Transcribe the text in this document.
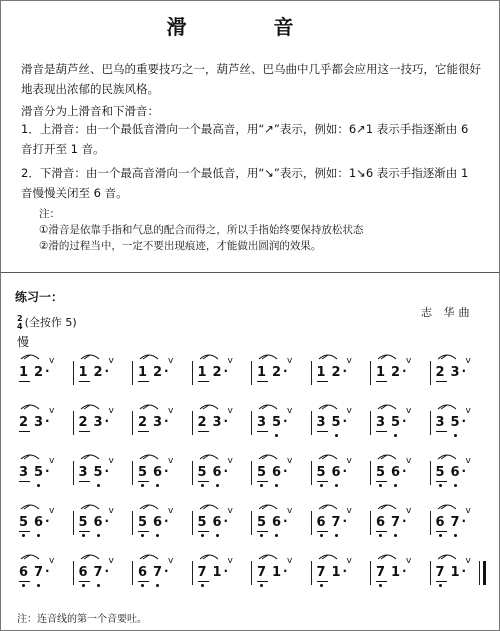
滑 音
滑音是葫芦丝、巴乌的重要技巧之一，葫芦丝、巴乌曲中几乎都会应用这一技巧，它能很好地表现出浓郁的民族风格。
滑音分为上滑音和下滑音：
1．上滑音：由一个最低音滑向一个最高音，用“↗”表示，例如：6↗1 表示手指逐渐由 6 音打开至 1 音。
2．下滑音：由一个最高音滑向一个最低音，用“↘”表示，例如：1↘6 表示手指逐渐由 1 音慢慢关闭至 6 音。
注：
①滑音是依靠手指和气息的配合而得之，所以手指始终要保持放松状态
②滑的过程当中，一定不要出现痕迹，才能做出圆润的效果。
练习一：
志 华曲
2
4 (全按作 5)
慢
v
1 2 ·
v
1 2 ·
v
1 2 ·
v
1 2 ·
v
1 2 ·
v
1 2 ·
v
1 2 ·
v
2 3 ·
v
2 3 ·
v
2 3 ·
v
2 3 ·
v
2 3 ·
v
3 5 ·
v
3 5 ·
v
3 5 ·
v
3 5 ·
v
3 5 ·
v
3 5 ·
v
5 6 ·
v
5 6 ·
v
5 6 ·
v
5 6 ·
v
5 6 ·
v
5 6 ·
v
5 6 ·
v
5 6 ·
v
5 6 ·
v
5 6 ·
v
5 6 ·
v
6 7 ·
v
6 7 ·
v
6 7 ·
v
6 7 ·
v
6 7 ·
v
6 7 ·
v
7 1 ·
v
7 1 ·
v
7 1 ·
v
7 1 ·
v
7 1 ·
注：连音线的第一个音要吐。
